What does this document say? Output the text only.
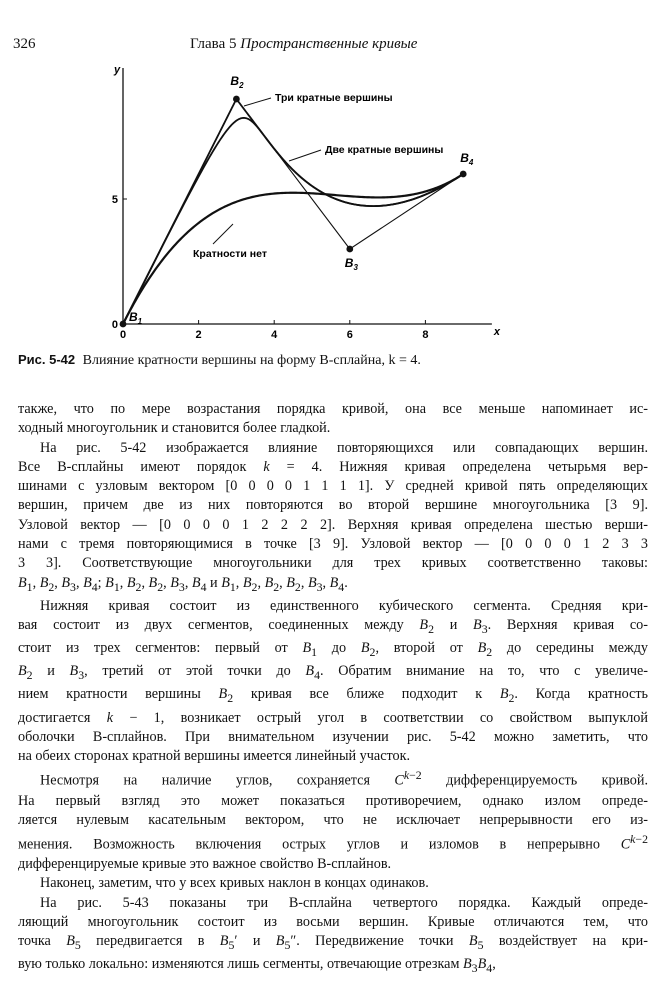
326	Глава 5 Пространственные кривые
x
y
0	2	4	6	8
0
5
$B_1$
$B_2$
$B_3$
$B_4$
Три кратные вершины
Две кратные вершины
Кратности нет
Рис. 5-42 Влияние кратности вершины на форму B-сплайна, k = 4.
также, что по мере возрастания порядка кривой, она все меньше напоминает ис-
ходный многоугольник и становится более гладкой.
На рис. 5-42 изображается влияние повторяющихся или совпадающих вершин.
Все B-сплайны имеют порядок k = 4. Нижняя кривая определена четырьмя вер-
шинами с узловым вектором [0 0 0 0 1 1 1 1]. У средней кривой пять определяющих
вершин, причем две из них повторяются во второй вершине многоугольника [3 9].
Узловой вектор — [0 0 0 0 1 2 2 2 2]. Верхняя кривая определена шестью верши-
нами с тремя повторяющимися в точке [3 9]. Узловой вектор — [0 0 0 0 1 2 3 3
3 3]. Соответствующие многоугольники для трех кривых соответственно таковы:
$B_1$, $B_2$, $B_3$, $B_4$; $B_1$, $B_2$, $B_2$, $B_3$, $B_4$ и $B_1$, $B_2$, $B_2$, $B_2$, $B_3$, $B_4$.
Нижняя кривая состоит из единственного кубического сегмента. Средняя кри-
вая состоит из двух сегментов, соединенных между $B_2$ и $B_3$. Верхняя кривая со-
стоит из трех сегментов: первый от $B_1$ до $B_2$, второй от $B_2$ до середины между
$B_2$ и $B_3$, третий от этой точки до $B_4$. Обратим внимание на то, что с увеличе-
нием кратности вершины $B_2$ кривая все ближе подходит к $B_2$. Когда кратность
достигается k − 1, возникает острый угол в соответствии со свойством выпуклой
оболочки B-сплайнов. При внимательном изучении рис. 5-42 можно заметить, что
на обеих сторонах кратной вершины имеется линейный участок.
Несмотря на наличие углов, сохраняется $C^{k-2}$ дифференцируемость кривой.
На первый взгляд это может показаться противоречием, однако излом опреде-
ляется нулевым касательным вектором, что не исключает непрерывности его из-
менения. Возможность включения острых углов и изломов в непрерывно $C^{k-2}$
дифференцируемые кривые это важное свойство B-сплайнов.
Наконец, заметим, что у всех кривых наклон в концах одинаков.
На рис. 5-43 показаны три B-сплайна четвертого порядка. Каждый опреде-
ляющий многоугольник состоит из восьми вершин. Кривые отличаются тем, что
точка $B_5$ передвигается в $B_5'$ и $B_5''$. Передвижение точки $B_5$ воздействует на кри-
вую только локально: изменяются лишь сегменты, отвечающие отрезкам $B_3B_4$,
